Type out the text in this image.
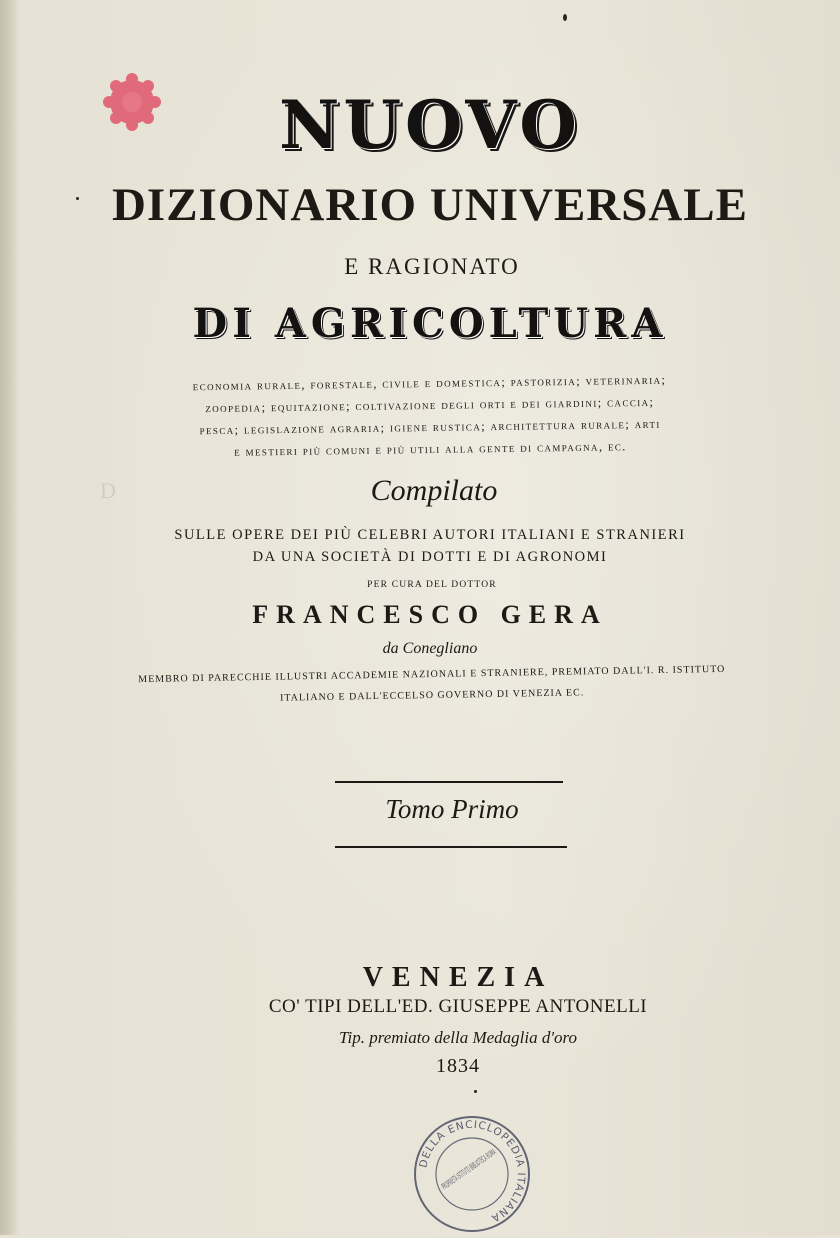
D
NUOVO
DIZIONARIO UNIVERSALE
E RAGIONATO
DI AGRICOLTURA
economia rurale, forestale, civile e domestica; pastorizia; veterinaria;
zoopedia; equitazione; coltivazione degli orti e dei giardini; caccia;
pesca; legislazione agraria; igiene rustica; architettura rurale; arti
e mestieri più comuni e più utili alla gente di campagna, ec.
Compilato
SULLE OPERE DEI PIÙ CELEBRI AUTORI ITALIANI E STRANIERI
DA UNA SOCIETÀ DI DOTTI E DI AGRONOMI
PER CURA DEL DOTTOR
FRANCESCO GERA
da Conegliano
MEMBRO DI PARECCHIE ILLUSTRI ACCADEMIE NAZIONALI E STRANIERE, PREMIATO DALL'I. R. ISTITUTO
ITALIANO E DALL'ECCELSO GOVERNO DI VENEZIA EC.
Tomo Primo
VENEZIA
CO' TIPI DELL'ED. GIUSEPPE ANTONELLI
Tip. premiato della Medaglia d'oro
1834
DELLA ENCICLOPEDIA ITALIANA
PROPRIETÀ ISTITUTO BIBLIOTECA
